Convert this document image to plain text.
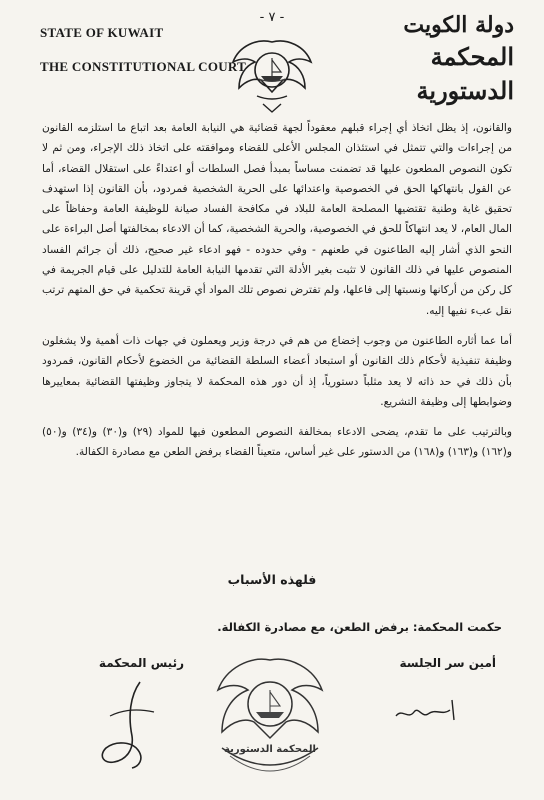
STATE OF KUWAIT
THE CONSTITUTIONAL COURT
- ٧ -	دولة الكويت
المحكمة الدستورية

والقانون، إذ يظل اتخاذ أي إجراء قبلهم معقوداً لجهة قضائية هي النيابة العامة بعد اتباع ما استلزمه القانون من إجراءات والتي تتمثل في استئذان المجلس الأعلى للقضاء وموافقته على اتخاذ ذلك الإجراء، ومن ثم لا تكون النصوص المطعون عليها قد تضمنت مساساً بمبدأ فصل السلطات أو اعتداءً على استقلال القضاء، أما عن القول بانتهاكها الحق في الخصوصية واعتدائها على الحرية الشخصية فمردود، بأن القانون إذا استهدف تحقيق غاية وطنية تقتضيها المصلحة العامة للبلاد في مكافحة الفساد صيانة للوظيفة العامة وحفاظاً على المال العام، لا يعد انتهاكاً للحق في الخصوصية، والحرية الشخصية، كما أن الادعاء بمخالفتها أصل البراءة على النحو الذي أشار إليه الطاعنون في طعنهم - وفي حدوده - فهو ادعاء غير صحيح، ذلك أن جرائم الفساد المنصوص عليها في ذلك القانون لا تثبت بغير الأدلة التي تقدمها النيابة العامة للتدليل على قيام الجريمة في كل ركن من أركانها ونسبتها إلى فاعلها، ولم تفترض نصوص تلك المواد أي قرينة تحكمية في حق المتهم ترتب نقل عبء نفيها إليه.

أما عما أثاره الطاعنون من وجوب إخضاع من هم في درجة وزير ويعملون في جهات ذات أهمية ولا يشغلون وظيفة تنفيذية لأحكام ذلك القانون أو استبعاد أعضاء السلطة القضائية من الخضوع لأحكام القانون، فمردود بأن ذلك في حد ذاته لا يعد مثلباً دستورياً، إذ أن دور هذه المحكمة لا يتجاوز وظيفتها القضائية بمعاييرها وضوابطها إلى وظيفة التشريع.

وبالترتيب على ما تقدم، يضحى الادعاء بمخالفة النصوص المطعون فيها للمواد (٢٩) و(٣٠) و(٣٤) و(٥٠) و(١٦٢) و(١٦٣) و(١٦٨) من الدستور على غير أساس، متعيناً القضاء برفض الطعن مع مصادرة الكفالة.

فلهذه الأسباب
حكمت المحكمة: برفض الطعن، مع مصادرة الكفالة.
رئيس المحكمة	أمين سر الجلسة
المحكمة الدستورية
